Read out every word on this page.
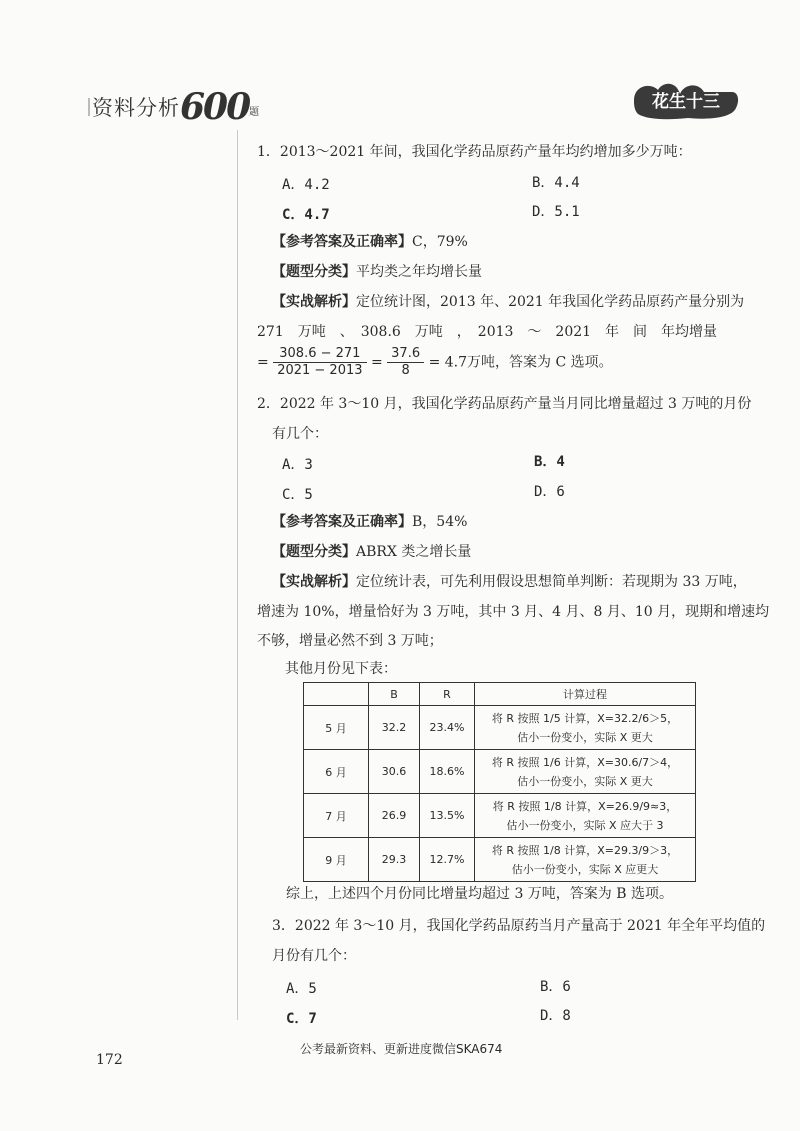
资料分析600题
花生十三
1．2013～2021 年间，我国化学药品原药产量年均约增加多少万吨：
A．4.2	B．4.4
C．4.7	D．5.1
【参考答案及正确率】C，79%
【题型分类】平均类之年均增长量
【实战解析】定位统计图，2013 年、2021 年我国化学药品原药产量分别为
271　万吨　、　308.6　万吨　，　2013　～　2021　年　间　年均增量
= $\frac{308.6 - 271}{2021 - 2013} = \frac{37.6}{8} = 4.7$万吨，答案为 C 选项。
2．2022 年 3～10 月，我国化学药品原药产量当月同比增量超过 3 万吨的月份
有几个：
A．3	B．4
C．5	D．6
【参考答案及正确率】B，54%
【题型分类】ABRX 类之增长量
【实战解析】定位统计表，可先利用假设思想简单判断：若现期为 33 万吨，
增速为 10%，增量恰好为 3 万吨，其中 3 月、4 月、8 月、10 月，现期和增速均
不够，增量必然不到 3 万吨；
其他月份见下表：
	B	R	计算过程
5 月	32.2	23.4%	将 R 按照 1/5 计算，X=32.2/6＞5，
估小一份变小，实际 X 更大

6 月	30.6	18.6%	将 R 按照 1/6 计算，X=30.6/7＞4，
估小一份变小，实际 X 更大

7 月	26.9	13.5%	将 R 按照 1/8 计算，X=26.9/9≈3，
估小一份变小，实际 X 应大于 3

9 月	29.3	12.7%	将 R 按照 1/8 计算，X=29.3/9＞3，
估小一份变小，实际 X 应更大
综上，上述四个月份同比增量均超过 3 万吨，答案为 B 选项。
3．2022 年 3～10 月，我国化学药品原药当月产量高于 2021 年全年平均值的
月份有几个：
A．5	B．6
C．7	D．8
公考最新资料、更新进度微信SKA674
172
